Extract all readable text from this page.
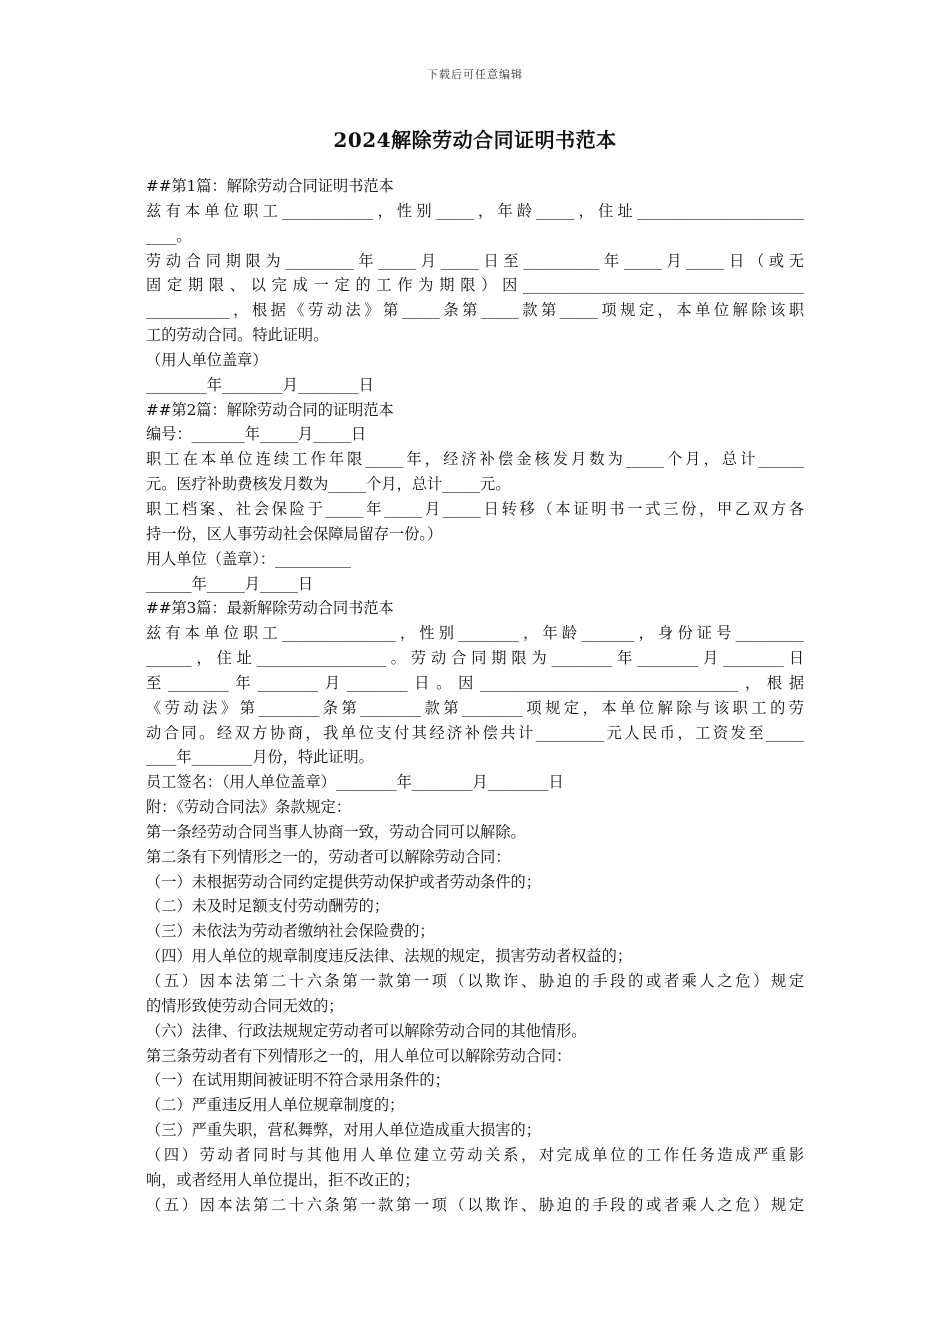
下载后可任意编辑
2024解除劳动合同证明书范本
##第1篇：解除劳动合同证明书范本
兹有本单位职工____________，性别_____，年龄_____，住址______________________
____。
劳动合同期限为_________年_____月_____日至__________年_____月_____日（或无
固定期限、以完成一定的工作为期限）因_____________________________________
___________，根据《劳动法》第_____条第_____款第_____项规定，本单位解除该职
工的劳动合同。特此证明。
（用人单位盖章）
________年________月________日
##第2篇：解除劳动合同的证明范本
编号：_______年_____月_____日
职工在本单位连续工作年限_____年，经济补偿金核发月数为_____个月，总计______
元。医疗补助费核发月数为_____个月，总计_____元。
职工档案、社会保险于_____年_____月_____日转移（本证明书一式三份，甲乙双方各
持一份，区人事劳动社会保障局留存一份。）
用人单位（盖章）：__________
______年_____月_____日
##第3篇：最新解除劳动合同书范本
兹有本单位职工_______________，性别________，年龄_______，身份证号_________
______，住址_________________。劳动合同期限为________年________月________日
至________年________月________日。因__________________________________，根据
《劳动法》第________条第________款第________项规定，本单位解除与该职工的劳
动合同。经双方协商，我单位支付其经济补偿共计_________元人民币，工资发至_____
____年________月份，特此证明。
员工签名：（用人单位盖章）________年________月________日
附：《劳动合同法》条款规定：
第一条经劳动合同当事人协商一致，劳动合同可以解除。
第二条有下列情形之一的，劳动者可以解除劳动合同：
（一）未根据劳动合同约定提供劳动保护或者劳动条件的；
（二）未及时足额支付劳动酬劳的；
（三）未依法为劳动者缴纳社会保险费的；
（四）用人单位的规章制度违反法律、法规的规定，损害劳动者权益的；
（五）因本法第二十六条第一款第一项（以欺诈、胁迫的手段的或者乘人之危）规定
的情形致使劳动合同无效的；
（六）法律、行政法规规定劳动者可以解除劳动合同的其他情形。
第三条劳动者有下列情形之一的，用人单位可以解除劳动合同：
（一）在试用期间被证明不符合录用条件的；
（二）严重违反用人单位规章制度的；
（三）严重失职，营私舞弊，对用人单位造成重大损害的；
（四）劳动者同时与其他用人单位建立劳动关系，对完成单位的工作任务造成严重影
响，或者经用人单位提出，拒不改正的；
（五）因本法第二十六条第一款第一项（以欺诈、胁迫的手段的或者乘人之危）规定
